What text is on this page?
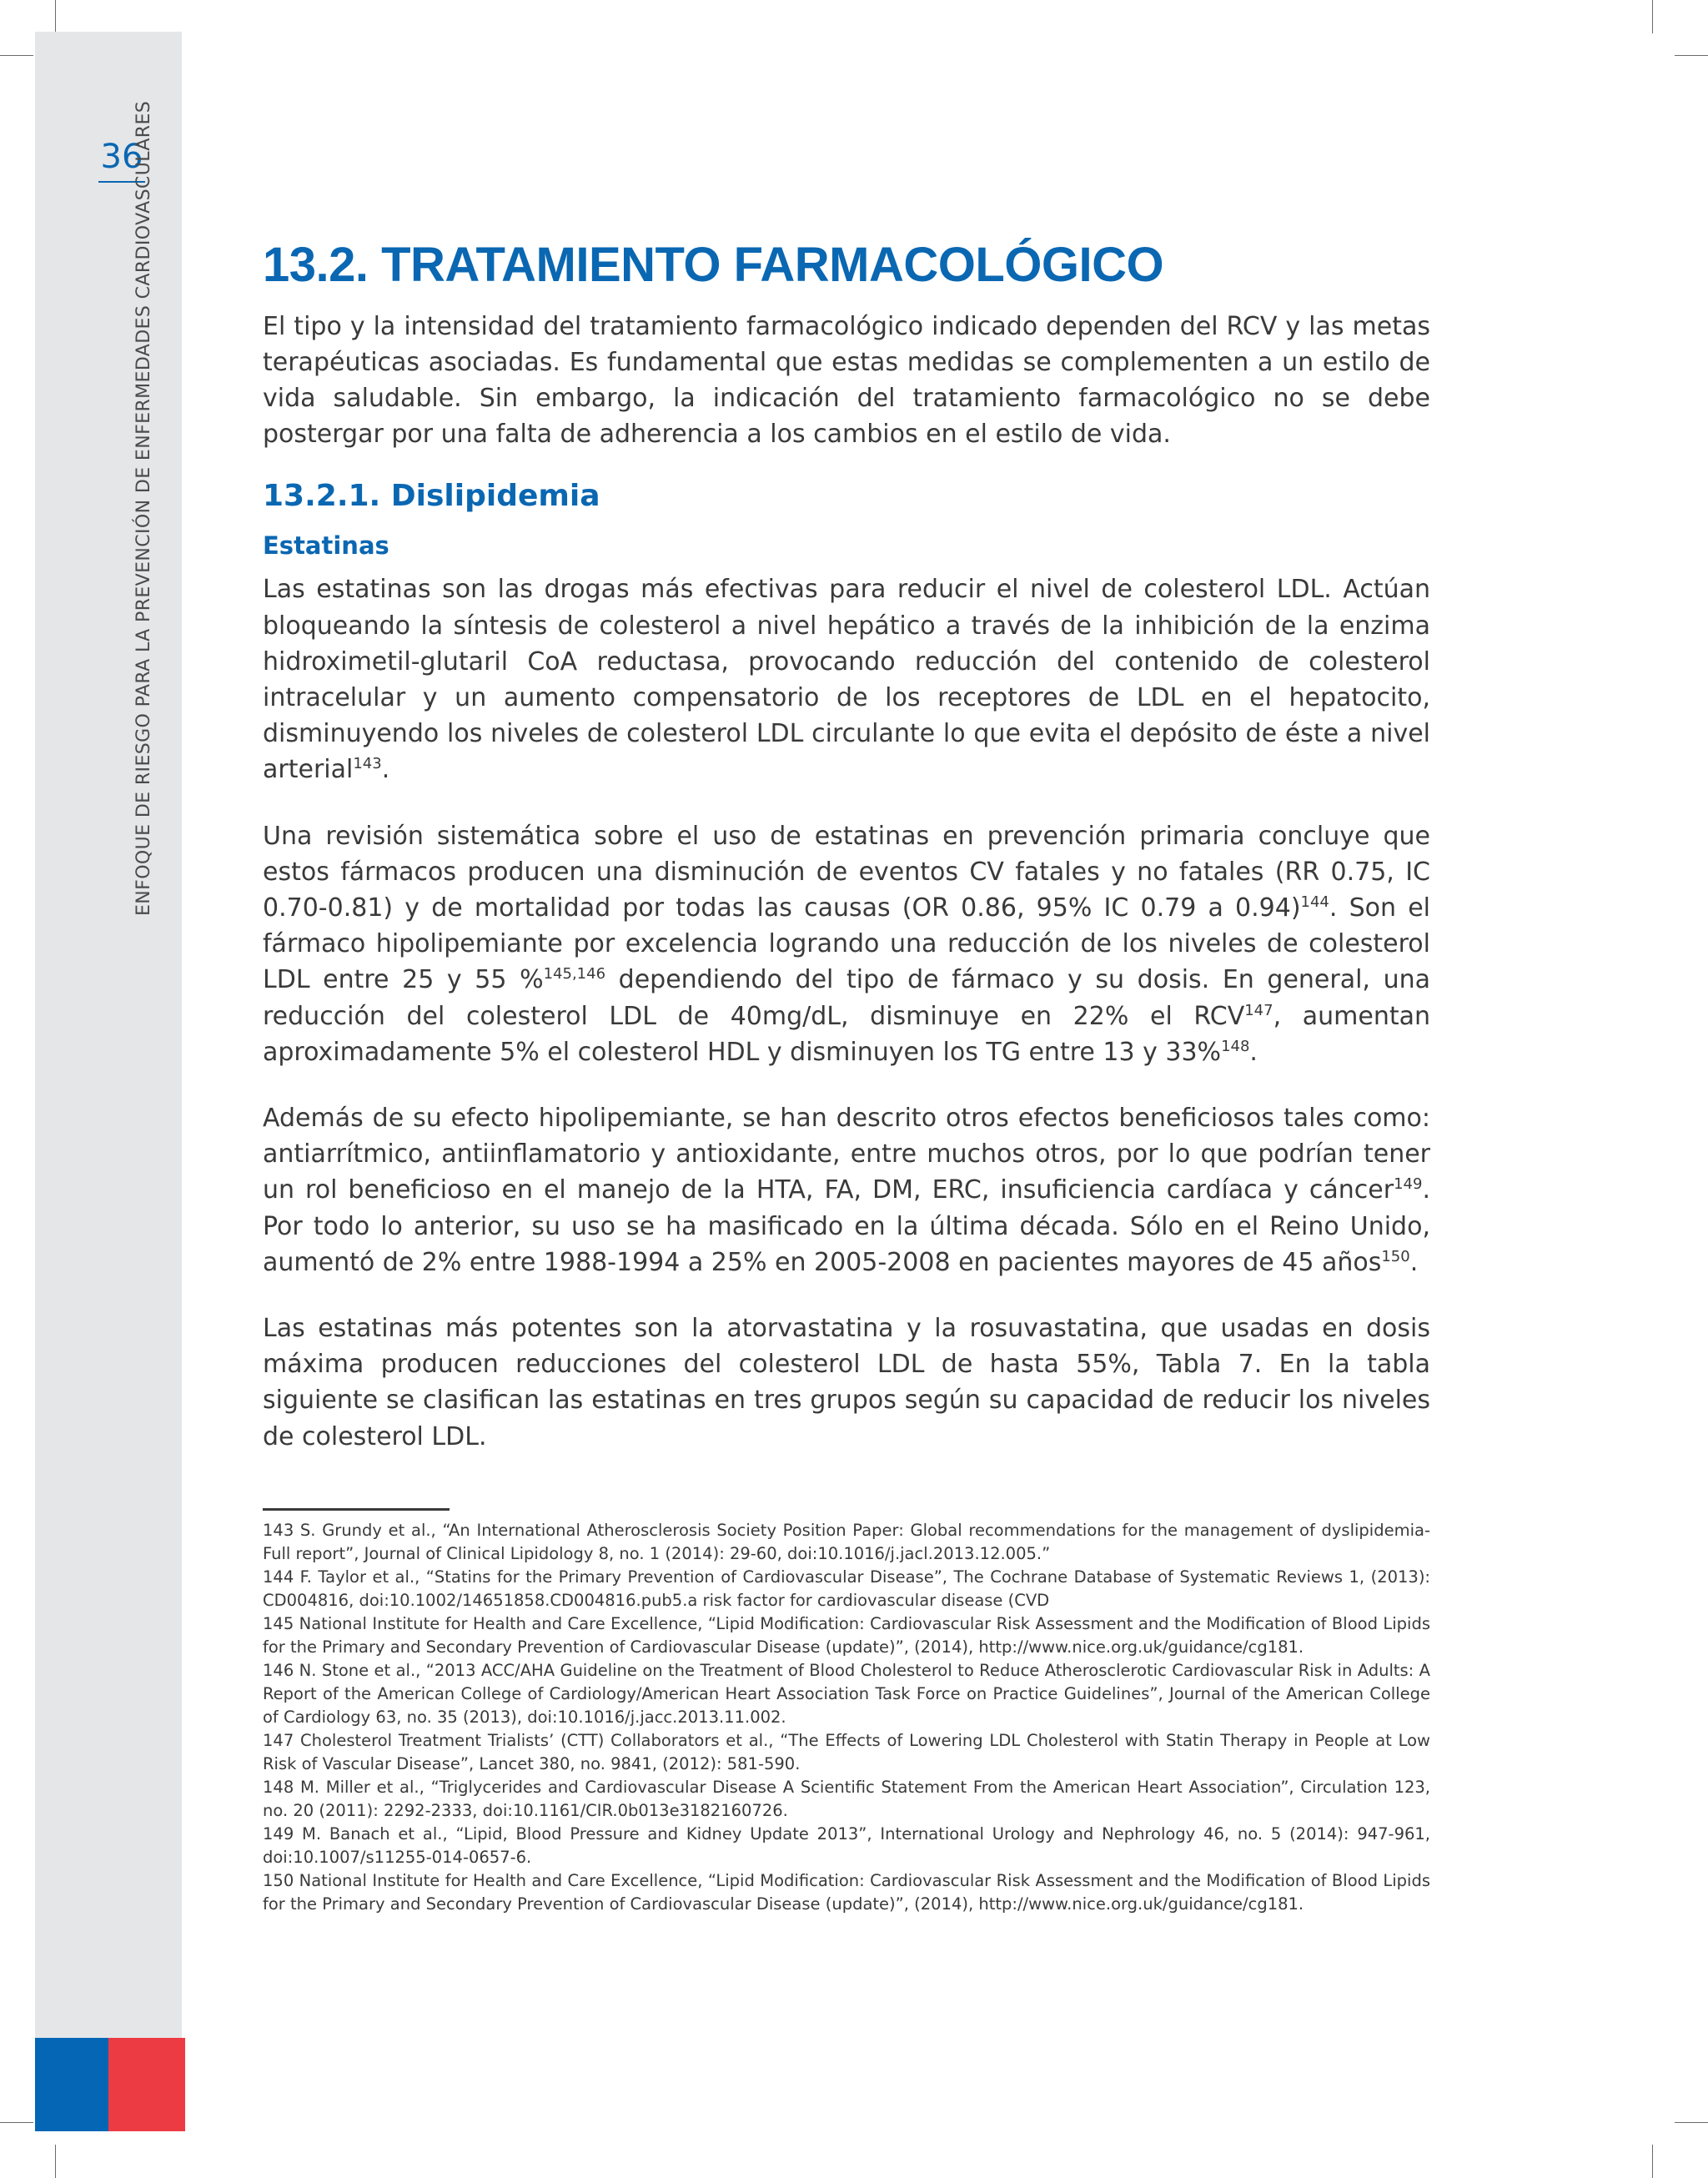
36
ENFOQUE DE RIESGO PARA LA PREVENCIÓN DE ENFERMEDADES CARDIOVASCULARES 13.2. TRATAMIENTO FARMACOLÓGICO

El tipo y la intensidad del tratamiento farmacológico indicado dependen del RCV y las metas terapéuticas asociadas. Es fundamental que estas medidas se complementen a un estilo de vida saludable. Sin embargo, la indicación del tratamiento farmacológico no se debe postergar por una falta de adherencia a los cambios en el estilo de vida.

13.2.1. Dislipidemia
Estatinas

Las estatinas son las drogas más efectivas para reducir el nivel de colesterol LDL. Actúan bloqueando la síntesis de colesterol a nivel hepático a través de la inhibición de la enzima hidroximetil-glutaril CoA reductasa, provocando reducción del contenido de colesterol intracelular y un aumento compensatorio de los receptores de LDL en el hepatocito, disminuyendo los niveles de colesterol LDL circulante lo que evita el depósito de éste a nivel arterial$^{143}$.

Una revisión sistemática sobre el uso de estatinas en prevención primaria concluye que estos fármacos producen una disminución de eventos CV fatales y no fatales (RR 0.75, IC 0.70-0.81) y de mortalidad por todas las causas (OR 0.86, 95% IC 0.79 a 0.94)$^{144}$. Son el fármaco hipolipemiante por excelencia logrando una reducción de los niveles de colesterol LDL entre 25 y 55 %$^{145,146}$ dependiendo del tipo de fármaco y su dosis. En general, una reducción del colesterol LDL de 40mg/dL, disminuye en 22% el RCV$^{147}$, aumentan aproximadamente 5% el colesterol HDL y disminuyen los TG entre 13 y 33%$^{148}$.

Además de su efecto hipolipemiante, se han descrito otros efectos beneficiosos tales como: antiarrítmico, antiinflamatorio y antioxidante, entre muchos otros, por lo que podrían tener un rol beneficioso en el manejo de la HTA, FA, DM, ERC, insuficiencia cardíaca y cáncer$^{149}$. Por todo lo anterior, su uso se ha masificado en la última década. Sólo en el Reino Unido, aumentó de 2% entre 1988-1994 a 25% en 2005-2008 en pacientes mayores de 45 años$^{150}$.

Las estatinas más potentes son la atorvastatina y la rosuvastatina, que usadas en dosis máxima producen reducciones del colesterol LDL de hasta 55%, Tabla 7. En la tabla siguiente se clasifican las estatinas en tres grupos según su capacidad de reducir los niveles de colesterol LDL.

143 S. Grundy et al., “An International Atherosclerosis Society Position Paper: Global recommendations for the management of dyslipidemia-Full report”, Journal of Clinical Lipidology 8, no. 1 (2014): 29-60, doi:10.1016/j.jacl.2013.12.005.”

144 F. Taylor et al., “Statins for the Primary Prevention of Cardiovascular Disease”, The Cochrane Database of Systematic Reviews 1, (2013): CD004816, doi:10.1002/14651858.CD004816.pub5.a risk factor for cardiovascular disease (CVD

145 National Institute for Health and Care Excellence, “Lipid Modification: Cardiovascular Risk Assessment and the Modification of Blood Lipids for the Primary and Secondary Prevention of Cardiovascular Disease (update)”, (2014), http://www.nice.org.uk/guidance/cg181.

146 N. Stone et al., “2013 ACC/AHA Guideline on the Treatment of Blood Cholesterol to Reduce Atherosclerotic Cardiovascular Risk in Adults: A Report of the American College of Cardiology/American Heart Association Task Force on Practice Guidelines”, Journal of the American College of Cardiology 63, no. 35 (2013), doi:10.1016/j.jacc.2013.11.002.

147 Cholesterol Treatment Trialists’ (CTT) Collaborators et al., “The Effects of Lowering LDL Cholesterol with Statin Therapy in People at Low Risk of Vascular Disease”, Lancet 380, no. 9841, (2012): 581-590.

148 M. Miller et al., “Triglycerides and Cardiovascular Disease A Scientific Statement From the American Heart Association”, Circulation 123, no. 20 (2011): 2292-2333, doi:10.1161/CIR.0b013e3182160726.

149 M. Banach et al., “Lipid, Blood Pressure and Kidney Update 2013”, International Urology and Nephrology 46, no. 5 (2014): 947-961, doi:10.1007/s11255-014-0657-6.

150 National Institute for Health and Care Excellence, “Lipid Modification: Cardiovascular Risk Assessment and the Modification of Blood Lipids for the Primary and Secondary Prevention of Cardiovascular Disease (update)”, (2014), http://www.nice.org.uk/guidance/cg181.
